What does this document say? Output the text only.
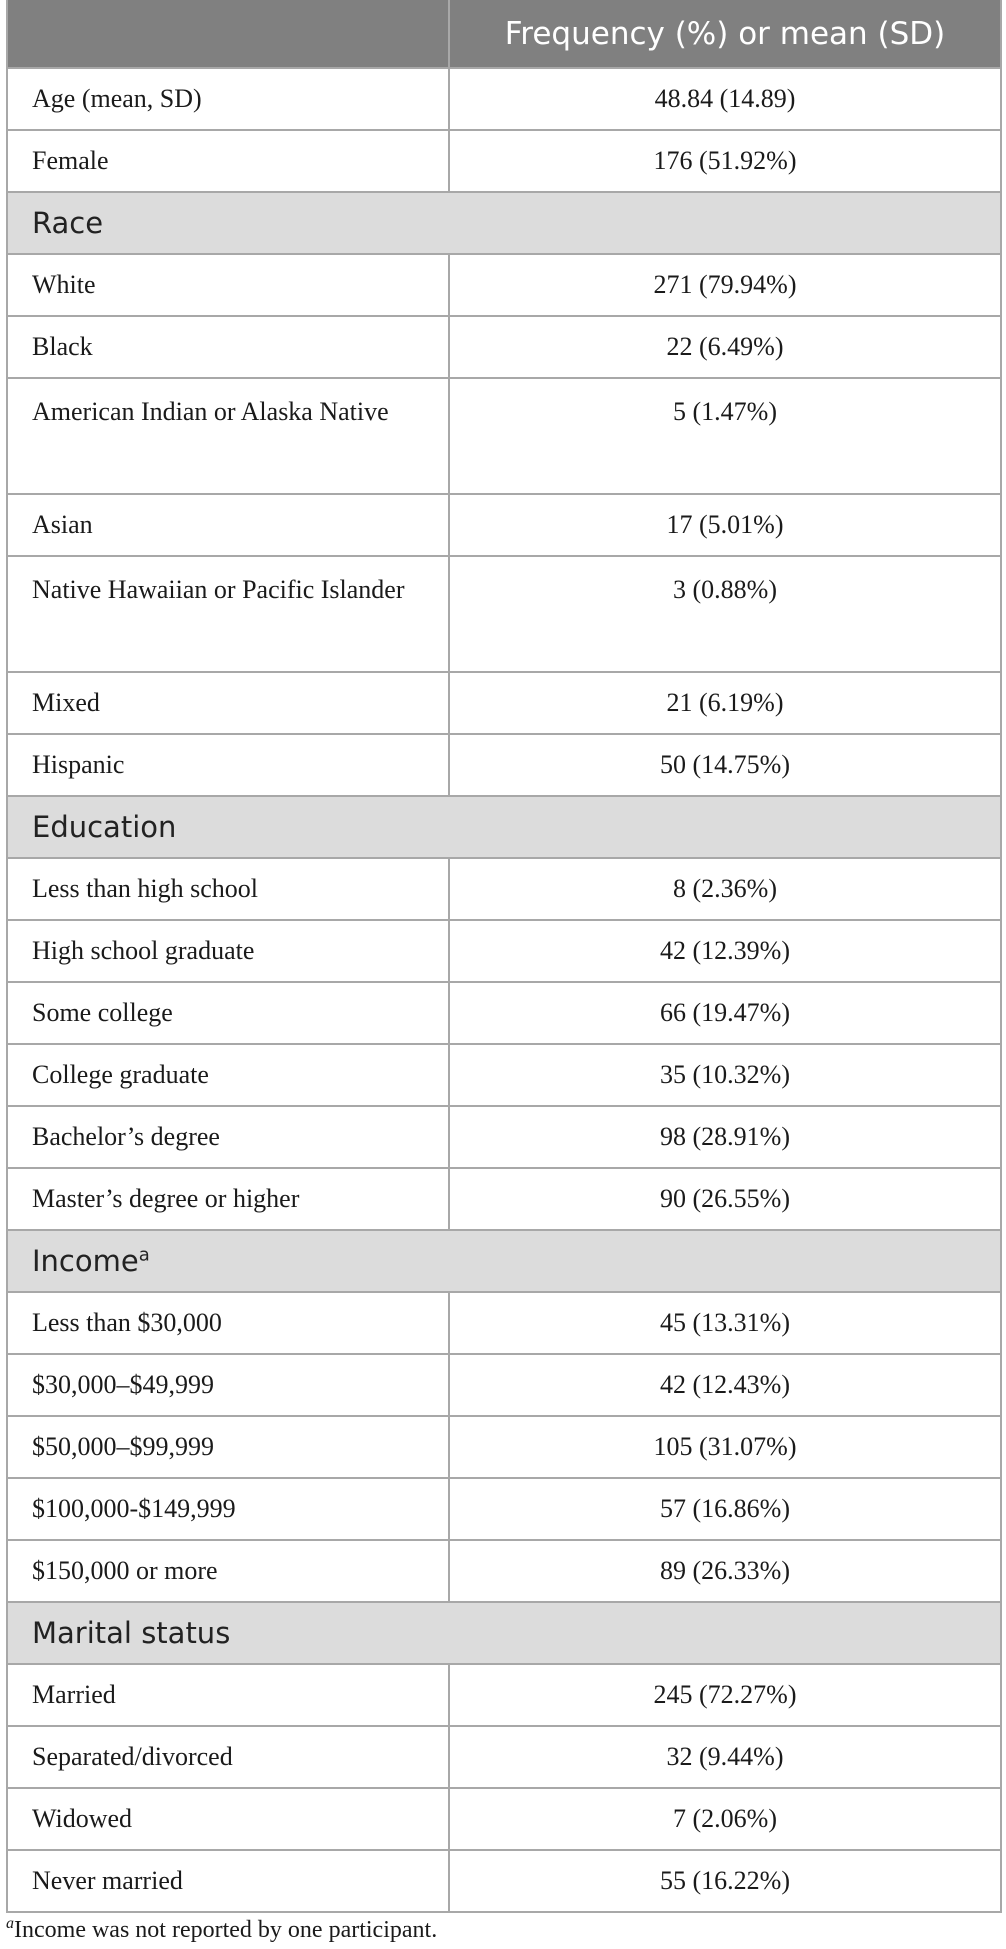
	Frequency (%) or mean (SD)
Age (mean, SD)	48.84 (14.89)
Female	176 (51.92%)
Race	
White	271 (79.94%)
Black	22 (6.49%)
American Indian or Alaska Native	5 (1.47%)
Asian	17 (5.01%)
Native Hawaiian or Pacific Islander	3 (0.88%)
Mixed	21 (6.19%)
Hispanic	50 (14.75%)
Education	
Less than high school	8 (2.36%)
High school graduate	42 (12.39%)
Some college	66 (19.47%)
College graduate	35 (10.32%)
Bachelor’s degree	98 (28.91%)
Master’s degree or higher	90 (26.55%)
Income$^a$
Less than $30,000	45 (13.31%)
$30,000–$49,999	42 (12.43%)
$50,000–$99,999	105 (31.07%)
$100,000-$149,999	57 (16.86%)
$150,000 or more	89 (26.33%)
Marital status	
Married	245 (72.27%)
Separated/divorced	32 (9.44%)
Widowed	7 (2.06%)
Never married	55 (16.22%)
$^a$Income was not reported by one participant.
